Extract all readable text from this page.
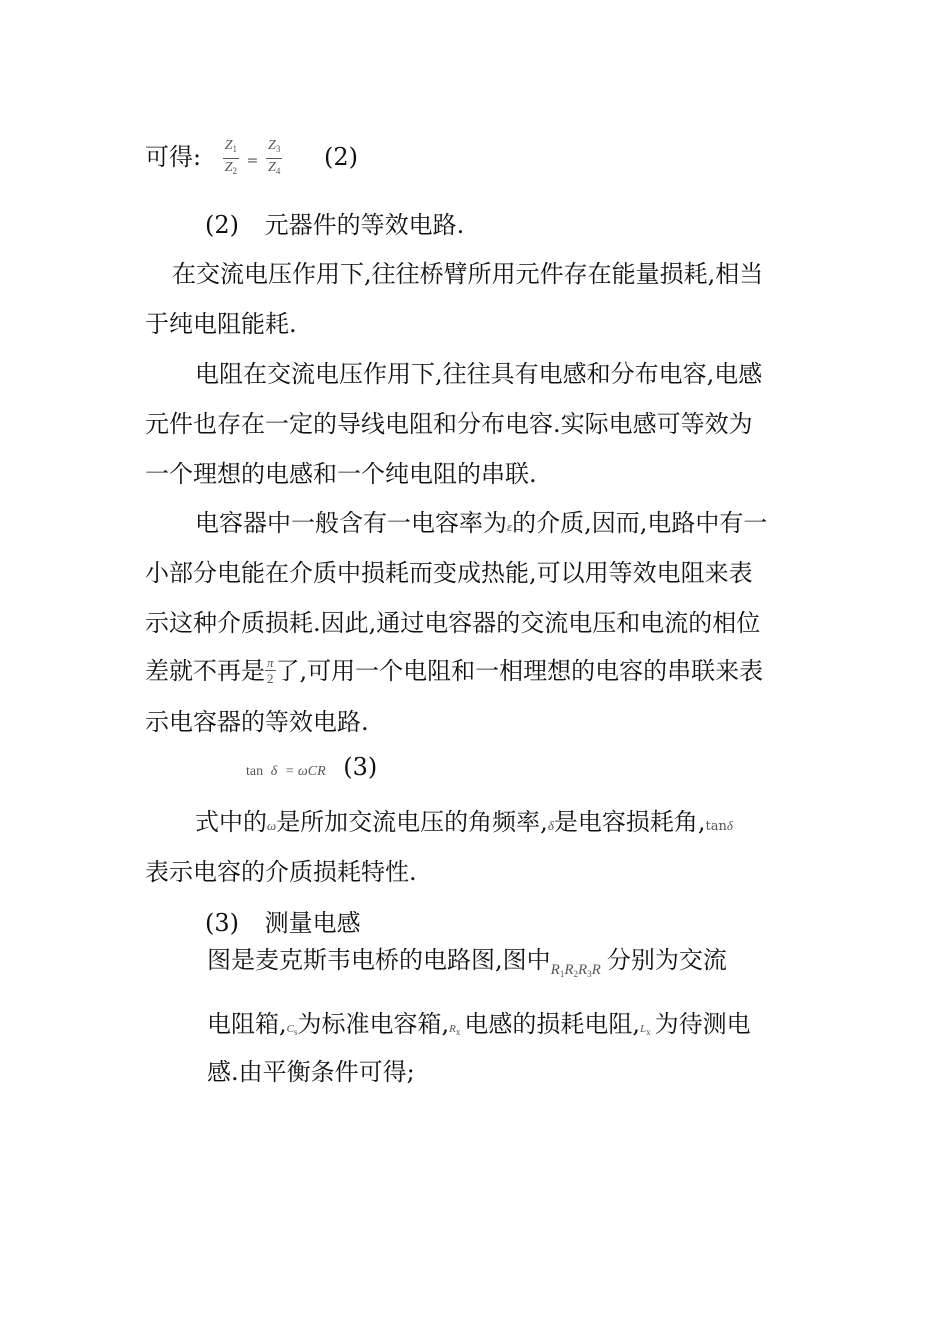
可得: $\frac{Z_1}{Z_2} = \frac{Z_3}{Z_4} (2)$
(2) 元器件的等效电路.
在交流电压作用下,往往桥臂所用元件存在能量损耗,相当
于纯电阻能耗.
电阻在交流电压作用下,往往具有电感和分布电容,电感
元件也存在一定的导线电阻和分布电容.实际电感可等效为
一个理想的电感和一个纯电阻的串联.
电容器中一般含有一电容率为ε的介质,因而,电路中有一
小部分电能在介质中损耗而变成热能,可以用等效电阻来表
示这种介质损耗.因此,通过电容器的交流电压和电流的相位
差就不再是 $\frac{\pi}{2}$ 了,可用一个电阻和一相理想的电容的串联来表
示电容器的等效电路.
tan δ = ωCR (3)
式中的ω是所加交流电压的角频率,δ是电容损耗角,tanδ
表示电容的介质损耗特性.
(3) 测量电感
图是麦克斯韦电桥的电路图,图中$_{R_1R_2R_3R}$ 分别为交流
电阻箱$,C_s$为标准电容箱$,R_x$ 电感的损耗电阻$,L_x$ 为待测电
感.由平衡条件可得;
